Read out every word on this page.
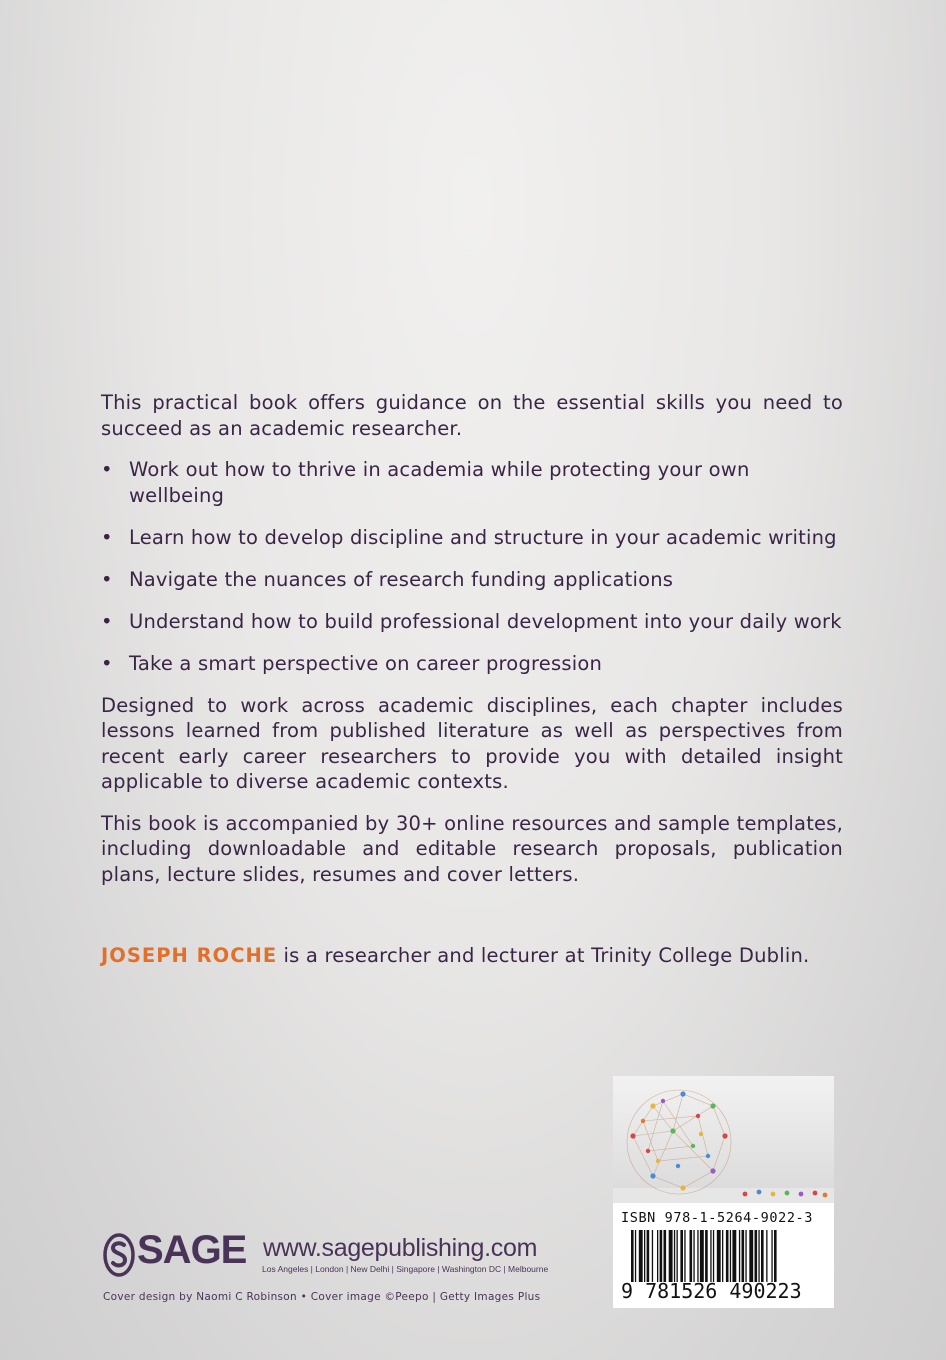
This practical book offers guidance on the essential skills you need to succeed as an academic researcher.

• Work out how to thrive in academia while protecting your own wellbeing
• Learn how to develop discipline and structure in your academic writing
• Navigate the nuances of research funding applications
• Understand how to build professional development into your daily work
• Take a smart perspective on career progression

Designed to work across academic disciplines, each chapter includes lessons learned from published literature as well as perspectives from recent early career researchers to provide you with detailed insight applicable to diverse academic contexts.

This book is accompanied by 30+ online resources and sample templates, including downloadable and editable research proposals, publication plans, lecture slides, resumes and cover letters.

JOSEPH ROCHE is a researcher and lecturer at Trinity College Dublin.
SAGE www.sagepublishing.com
Los Angeles | London | New Delhi | Singapore | Washington DC | Melbourne
Cover design by Naomi C Robinson • Cover image ©Peepo | Getty Images Plus
ISBN 978-1-5264-9022-3
9 781526 490223
